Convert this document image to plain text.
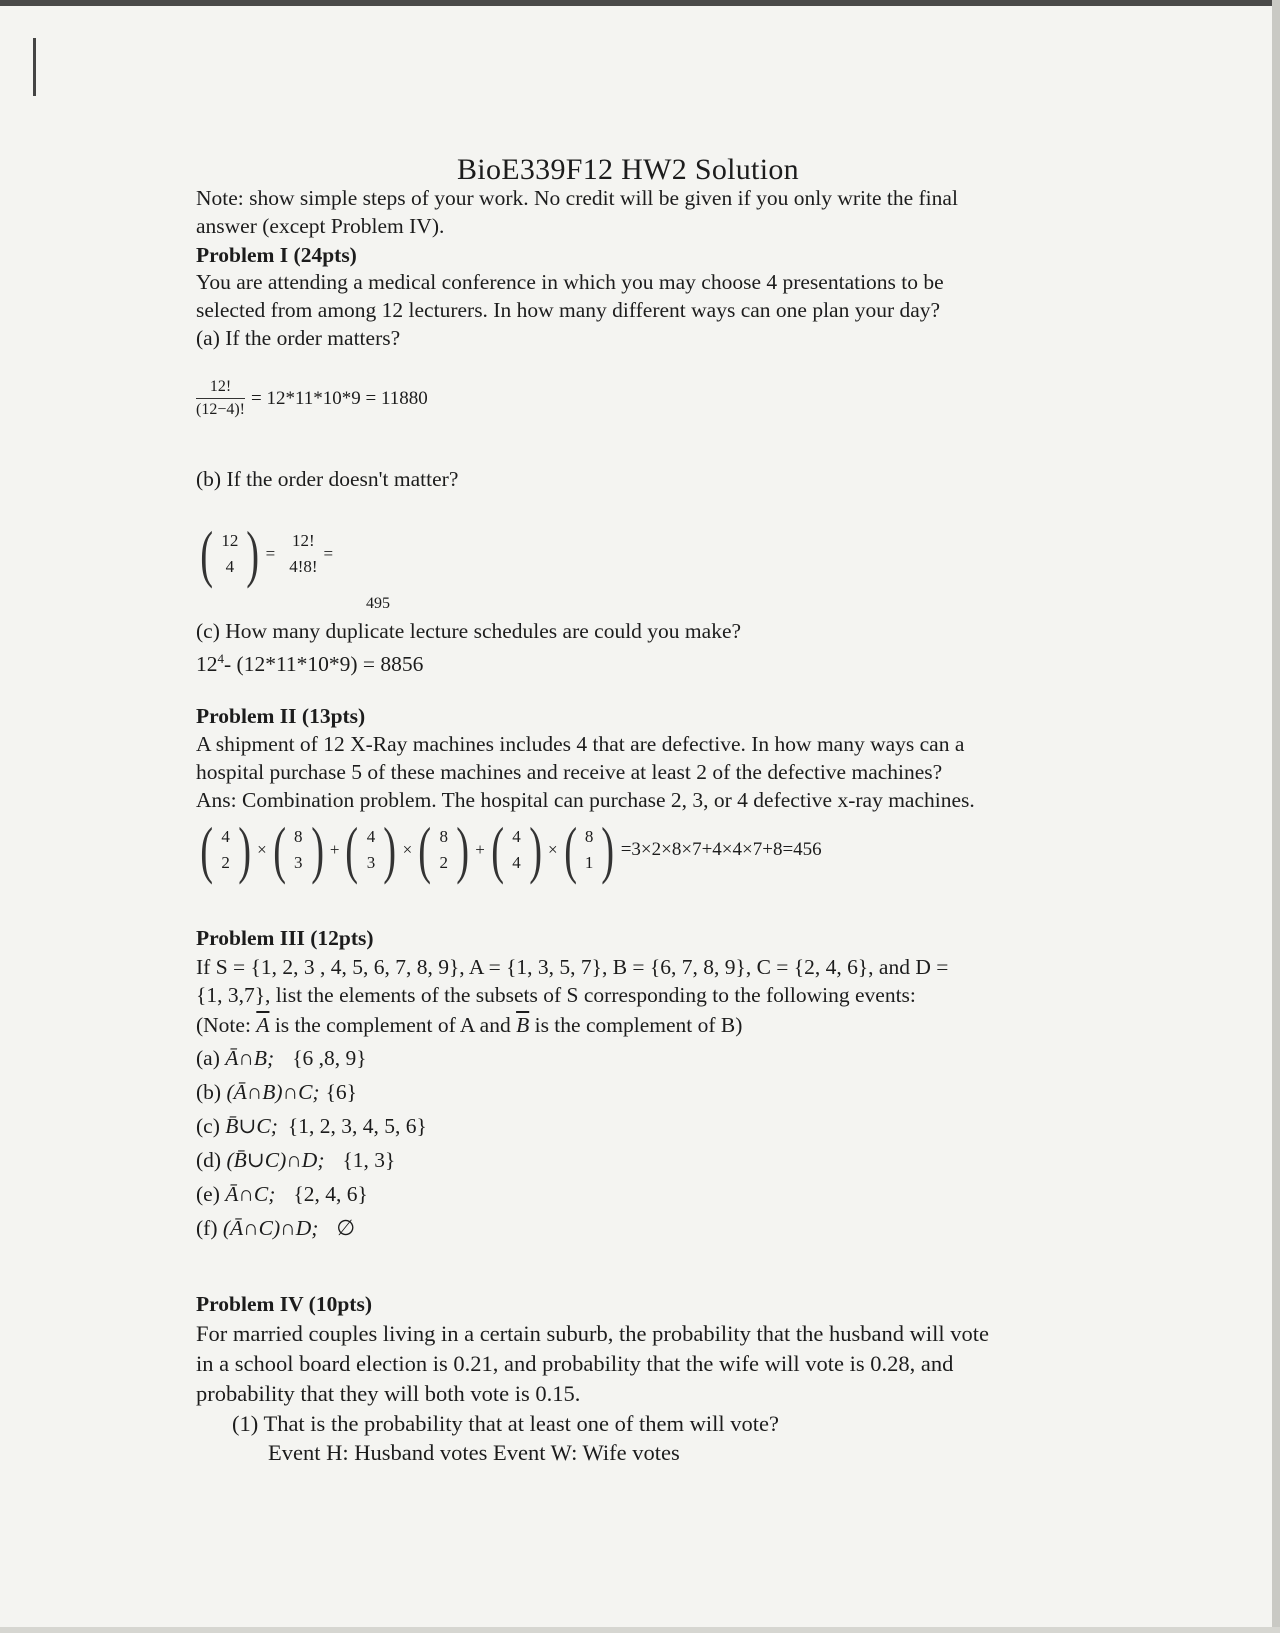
BioE339F12 HW2 Solution
Note: show simple steps of your work. No credit will be given if you only write the final
answer (except Problem IV).
Problem I (24pts)
You are attending a medical conference in which you may choose 4 presentations to be
selected from among 12 lecturers. In how many different ways can one plan your day?
(a) If the order matters?
$\frac{12!}{(12-4)!} = 12*11*10*9 = 11880$
(b) If the order doesn't matter?
( 12
4 ) =
12!
4!8!
=
495
(c) How many duplicate lecture schedules are could you make?
$12^4-$ (12*11*10*9) = 8856
Problem II (13pts)
A shipment of 12 X-Ray machines includes 4 that are defective. In how many ways can a
hospital purchase 5 of these machines and receive at least 2 of the defective machines?
Ans: Combination problem. The hospital can purchase 2, 3, or 4 defective x-ray machines.
( 4
2 ) × ( 8
3 ) + ( 4
3 ) × ( 8
2 ) + ( 4
4 ) × ( 8
1 ) =3×2×8×7+4×4×7+8=456
Problem III (12pts)
If S = {1, 2, 3 , 4, 5, 6, 7, 8, 9}, A = {1, 3, 5, 7}, B = {6, 7, 8, 9}, C = {2, 4, 6}, and D =
{1, 3,7}, list the elements of the subsets of S corresponding to the following events:
(Note: $\overline{A}$ is the complement of A and $\overline{B}$ is the complement of B)
(a) Ā∩B; {6 ,8, 9}
(b) (Ā∩B)∩C; {6}
(c) B̄∪C; {1, 2, 3, 4, 5, 6}
(d) (B̄∪C)∩D; {1, 3}
(e) Ā∩C; {2, 4, 6}
(f) (Ā∩C)∩D; ∅
Problem IV (10pts)
For married couples living in a certain suburb, the probability that the husband will vote
in a school board election is 0.21, and probability that the wife will vote is 0.28, and
probability that they will both vote is 0.15.
(1) That is the probability that at least one of them will vote?
Event H: Husband votes Event W: Wife votes
